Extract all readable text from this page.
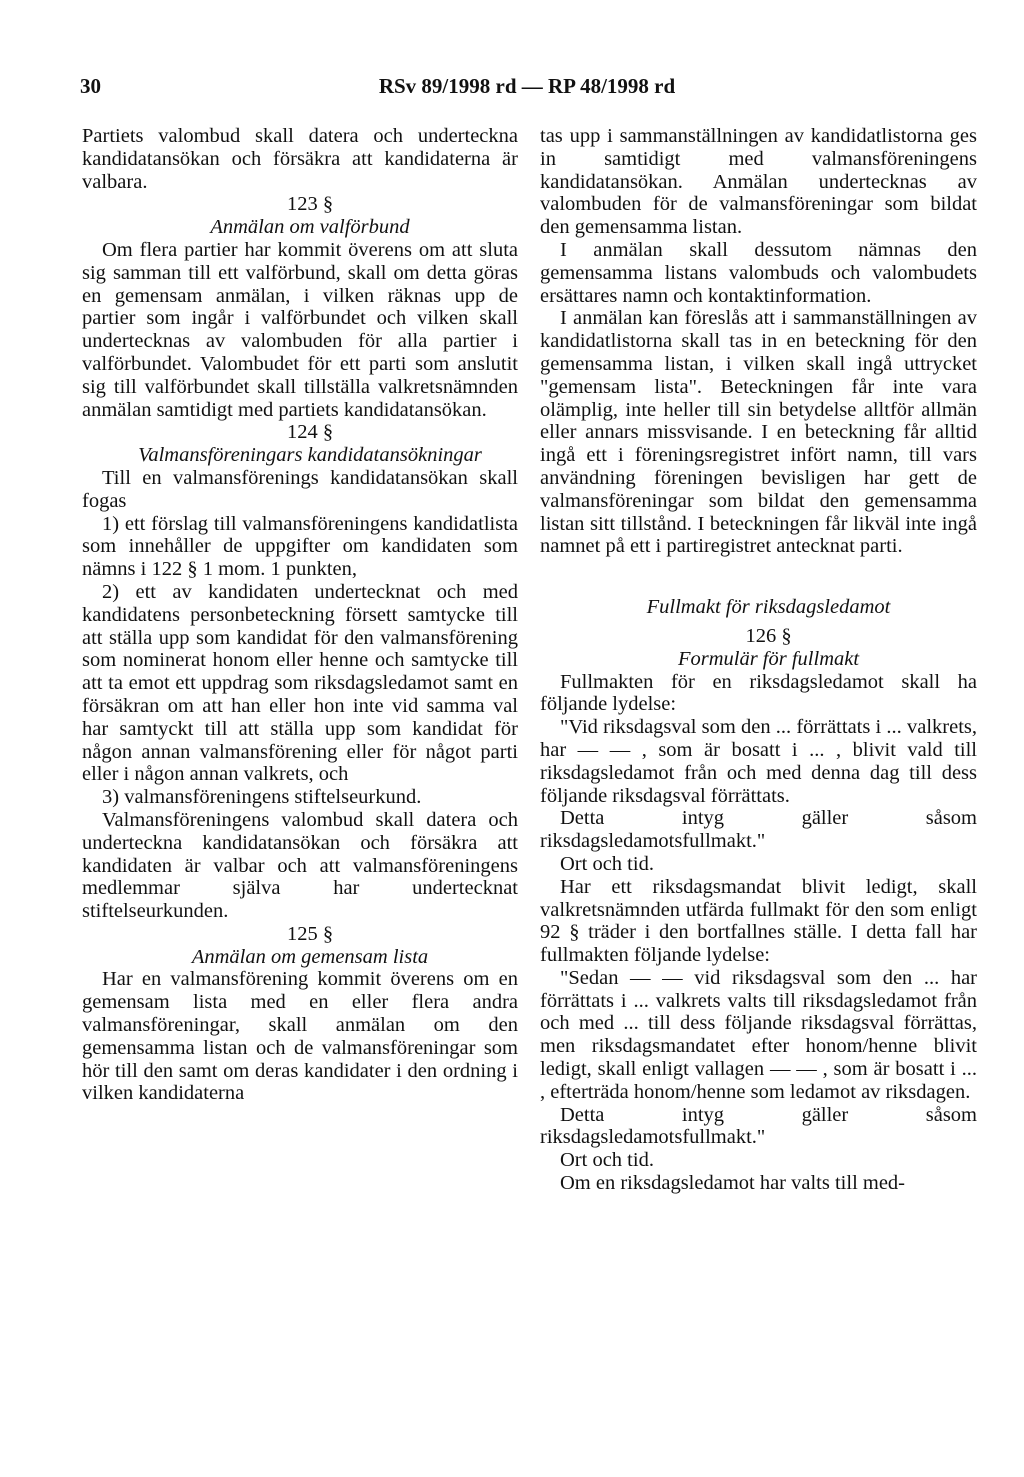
30	RSv 89/1998 rd — RP 48/1998 rd

Partiets valombud skall datera och underteckna kandidatansökan och försäkra att kandidaterna är valbara.

123 §

Anmälan om valförbund

Om flera partier har kommit överens om att sluta sig samman till ett valförbund, skall om detta göras en gemensam anmälan, i vilken räknas upp de partier som ingår i valförbundet och vilken skall undertecknas av valombuden för alla partier i valförbundet. Valombudet för ett parti som anslutit sig till valförbundet skall tillställa valkretsnämnden anmälan samtidigt med partiets kandidatansökan.

124 §

Valmansföreningars kandidatansökningar

Till en valmansförenings kandidatansökan skall fogas

1) ett förslag till valmansföreningens kandidatlista som innehåller de uppgifter om kandidaten som nämns i 122 § 1 mom. 1 punkten,

2) ett av kandidaten undertecknat och med kandidatens personbeteckning försett samtycke till att ställa upp som kandidat för den valmansförening som nominerat honom eller henne och samtycke till att ta emot ett uppdrag som riksdagsledamot samt en försäkran om att han eller hon inte vid samma val har samtyckt till att ställa upp som kandidat för någon annan valmansförening eller för något parti eller i någon annan valkrets, och

3) valmansföreningens stiftelseurkund.

Valmansföreningens valombud skall datera och underteckna kandidatansökan och försäkra att kandidaten är valbar och att valmansföreningens medlemmar själva har undertecknat stiftelseurkunden.

125 §

Anmälan om gemensam lista

Har en valmansförening kommit överens om en gemensam lista med en eller flera andra valmansföreningar, skall anmälan om den gemensamma listan och de valmansföreningar som hör till den samt om deras kandidater i den ordning i vilken kandidaterna

tas upp i sammanställningen av kandidatlistorna ges in samtidigt med valmansföreningens kandidatansökan. Anmälan undertecknas av valombuden för de valmansföreningar som bildat den gemensamma listan.

I anmälan skall dessutom nämnas den gemensamma listans valombuds och valombudets ersättares namn och kontaktinformation.

I anmälan kan föreslås att i sammanställningen av kandidatlistorna skall tas in en beteckning för den gemensamma listan, i vilken skall ingå uttrycket "gemensam lista". Beteckningen får inte vara olämplig, inte heller till sin betydelse alltför allmän eller annars missvisande. I en beteckning får alltid ingå ett i föreningsregistret infört namn, till vars användning föreningen bevisligen har gett de valmansföreningar som bildat den gemensamma listan sitt tillstånd. I beteckningen får likväl inte ingå namnet på ett i partiregistret antecknat parti.

Fullmakt för riksdagsledamot

126 §

Formulär för fullmakt

Fullmakten för en riksdagsledamot skall ha följande lydelse:

"Vid riksdagsval som den ... förrättats i ... valkrets, har — — , som är bosatt i ... , blivit vald till riksdagsledamot från och med denna dag till dess följande riksdagsval förrättats.

Detta intyg gäller såsom riksdagsledamotsfullmakt."

Ort och tid.

Har ett riksdagsmandat blivit ledigt, skall valkretsnämnden utfärda fullmakt för den som enligt 92 § träder i den bortfallnes ställe. I detta fall har fullmakten följande lydelse:

"Sedan — — vid riksdagsval som den ... har förrättats i ... valkrets valts till riksdagsledamot från och med ... till dess följande riksdagsval förrättas, men riksdagsmandatet efter honom/henne blivit ledigt, skall enligt vallagen — — , som är bosatt i ... , efterträda honom/henne som ledamot av riksdagen.

Detta intyg gäller såsom riksdagsledamotsfullmakt."

Ort och tid.

Om en riksdagsledamot har valts till med-
